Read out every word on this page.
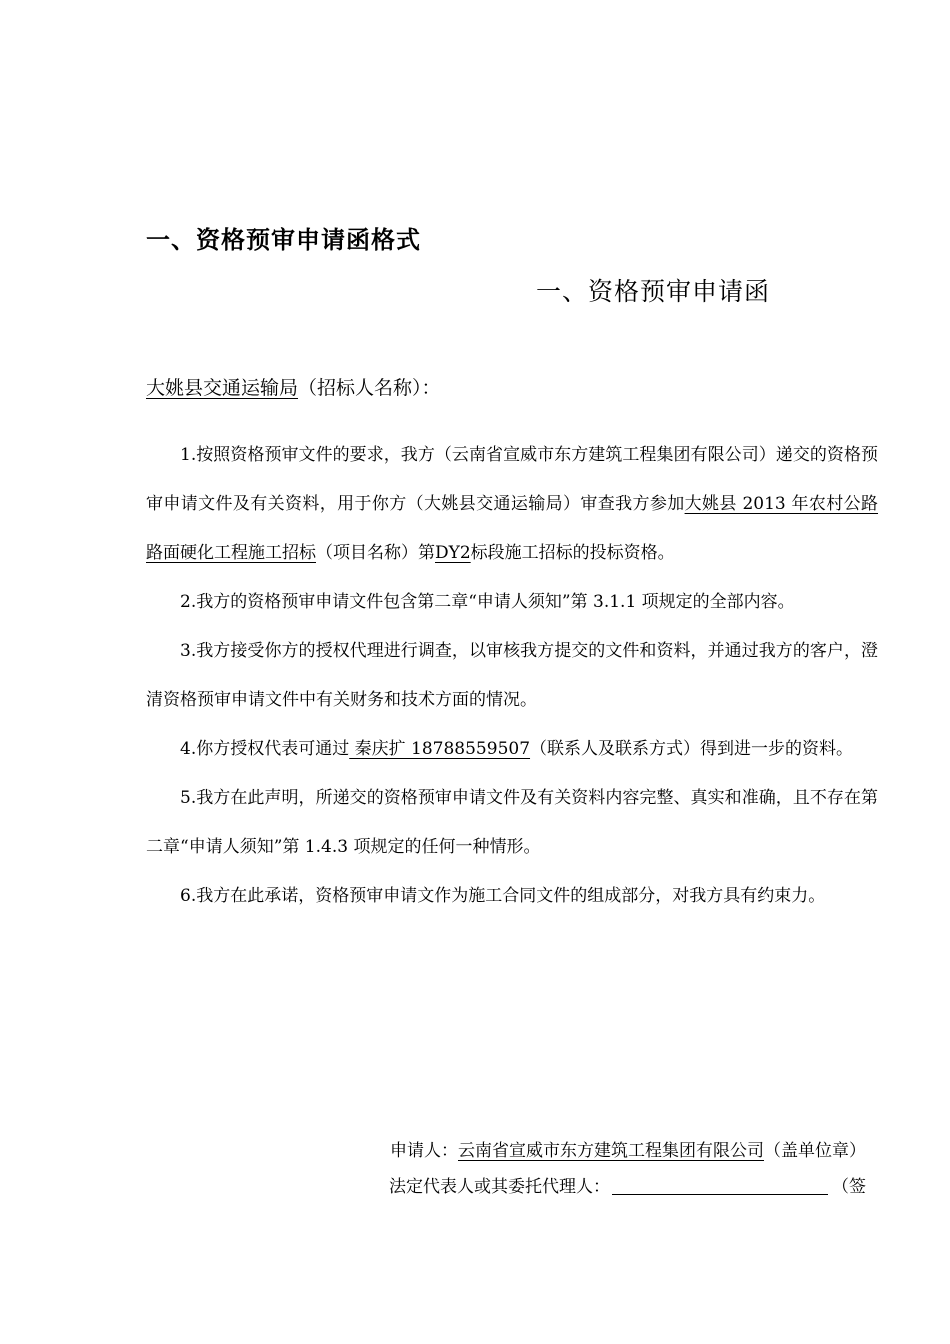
一、资格预审申请函格式
一、资格预审申请函

大姚县交通运输局（招标人名称）：

1.按照资格预审文件的要求，我方（云南省宣威市东方建筑工程集团有限公司）递交的资格预审申请文件及有关资料，用于你方（大姚县交通运输局）审查我方参加大姚县 2013 年农村公路路面硬化工程施工招标（项目名称）第DY2标段施工招标的投标资格。

2.我方的资格预审申请文件包含第二章“申请人须知”第 3.1.1 项规定的全部内容。

3.我方接受你方的授权代理进行调查，以审核我方提交的文件和资料，并通过我方的客户，澄清资格预审申请文件中有关财务和技术方面的情况。

4.你方授权代表可通过 秦庆扩 18788559507（联系人及联系方式）得到进一步的资料。

5.我方在此声明，所递交的资格预审申请文件及有关资料内容完整、真实和准确，且不存在第二章“申请人须知”第 1.4.3 项规定的任何一种情形。

6.我方在此承诺，资格预审申请文作为施工合同文件的组成部分，对我方具有约束力。

申请人：云南省宣威市东方建筑工程集团有限公司（盖单位章）
法定代表人或其委托代理人：	（签
